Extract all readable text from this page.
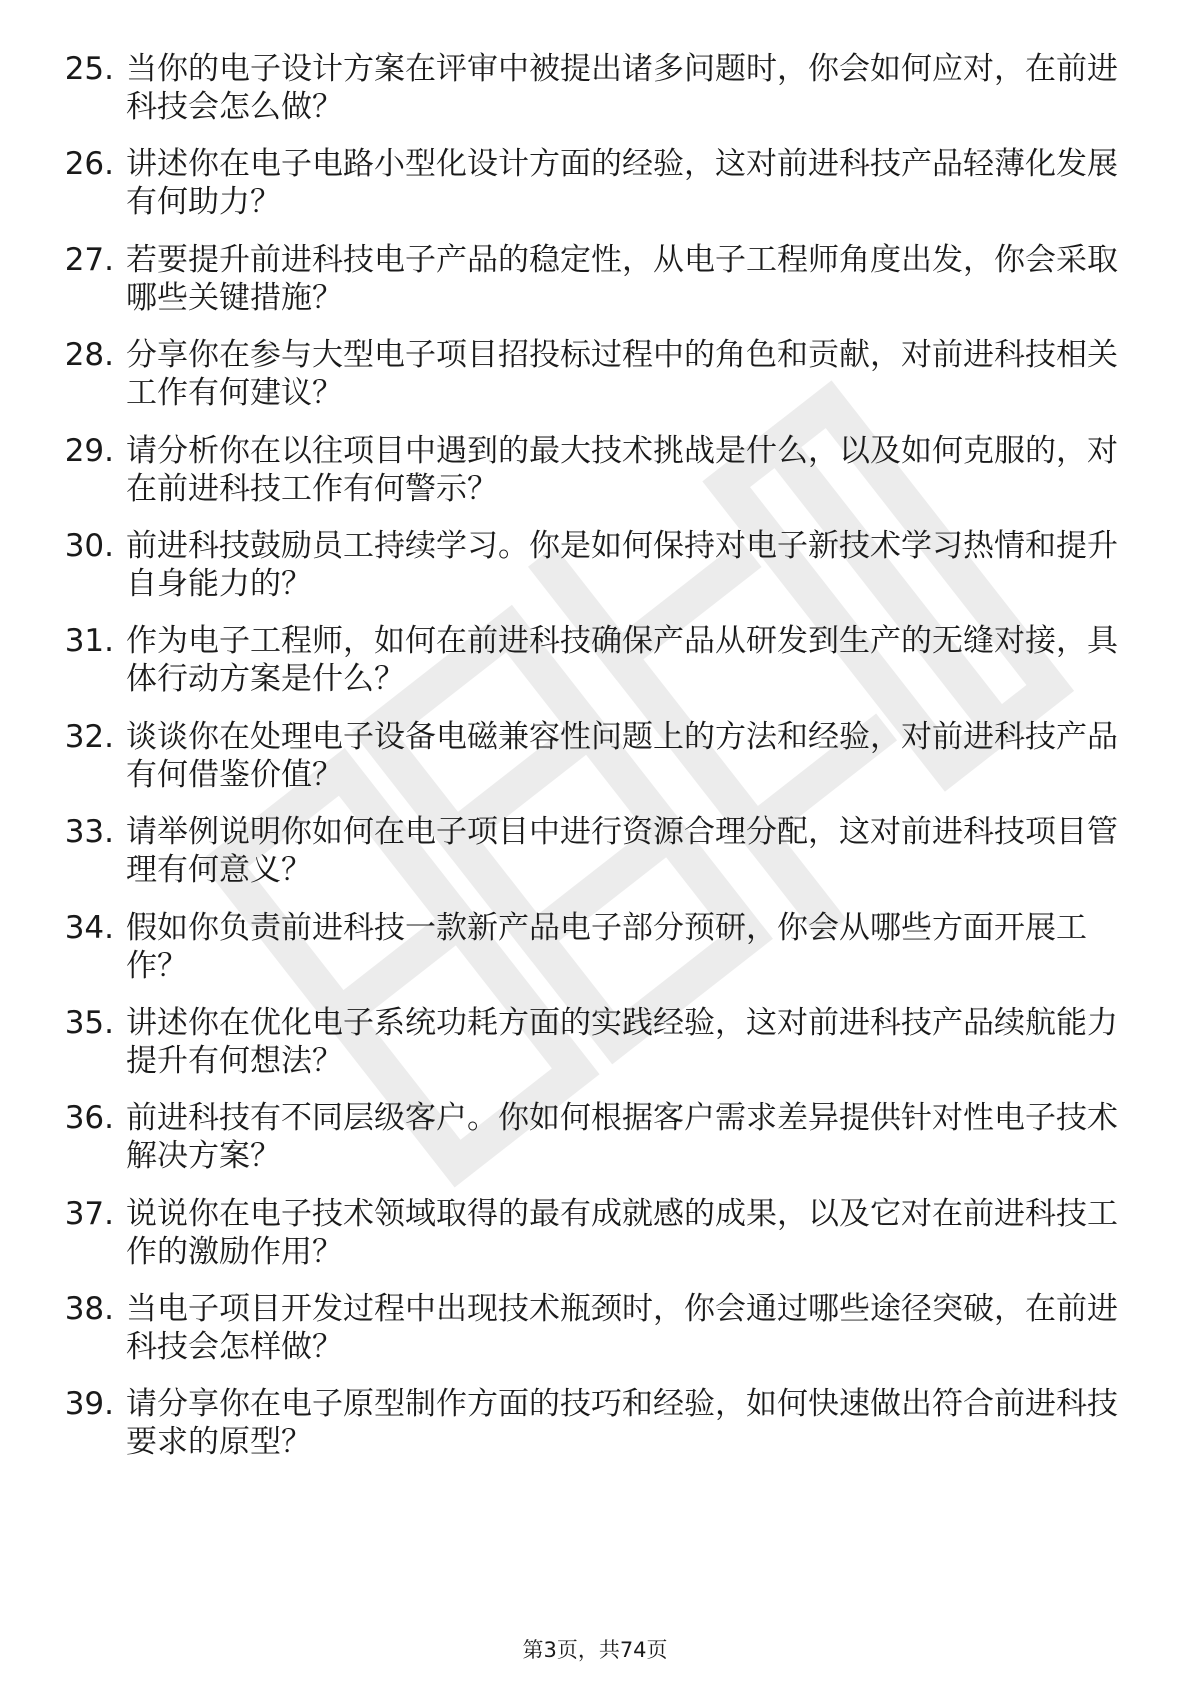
25. 当你的电子设计方案在评审中被提出诸多问题时，你会如何应对，在前进科技会怎么做？

26. 讲述你在电子电路小型化设计方面的经验，这对前进科技产品轻薄化发展有何助力？

27. 若要提升前进科技电子产品的稳定性，从电子工程师角度出发，你会采取哪些关键措施？

28. 分享你在参与大型电子项目招投标过程中的角色和贡献，对前进科技相关工作有何建议？

29. 请分析你在以往项目中遇到的最大技术挑战是什么，以及如何克服的，对在前进科技工作有何警示？

30. 前进科技鼓励员工持续学习。你是如何保持对电子新技术学习热情和提升自身能力的？

31. 作为电子工程师，如何在前进科技确保产品从研发到生产的无缝对接，具体行动方案是什么？

32. 谈谈你在处理电子设备电磁兼容性问题上的方法和经验，对前进科技产品有何借鉴价值？

33. 请举例说明你如何在电子项目中进行资源合理分配，这对前进科技项目管理有何意义？

34. 假如你负责前进科技一款新产品电子部分预研，你会从哪些方面开展工作？

35. 讲述你在优化电子系统功耗方面的实践经验，这对前进科技产品续航能力提升有何想法？

36. 前进科技有不同层级客户。你如何根据客户需求差异提供针对性电子技术解决方案？

37. 说说你在电子技术领域取得的最有成就感的成果，以及它对在前进科技工作的激励作用？

38. 当电子项目开发过程中出现技术瓶颈时，你会通过哪些途径突破，在前进科技会怎样做？

39. 请分享你在电子原型制作方面的技巧和经验，如何快速做出符合前进科技要求的原型？

第3页，共74页
